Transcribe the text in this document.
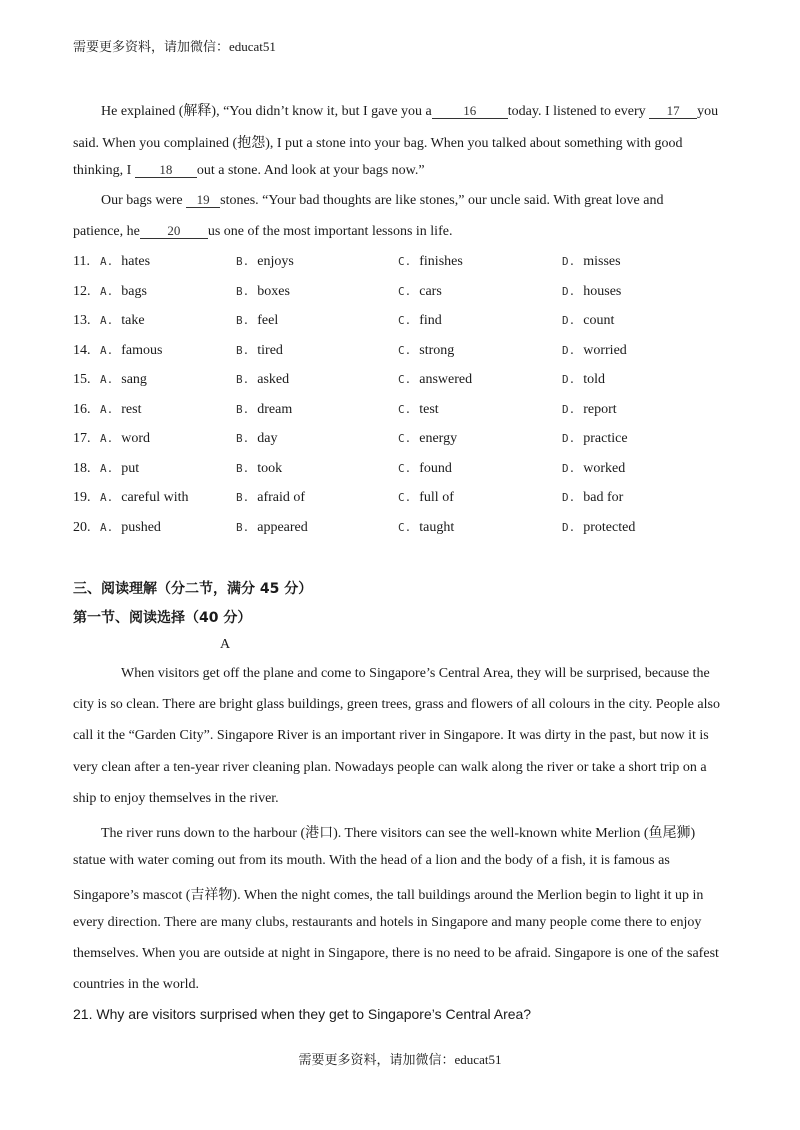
需要更多资料，请加微信：educat51
He explained (解释), “You didn’t know it, but I gave you a 16 today. I listened to every 17 you
said. When you complained (抱怨), I put a stone into your bag. When you talked about something with good
thinking, I 18 out a stone. And look at your bags now.”
Our bags were 19 stones. “Your bad thoughts are like stones,” our uncle said. With great love and
patience, he 20 us one of the most important lessons in life.
11. A. hates	B. enjoys	C. finishes	D. misses
12. A. bags	B. boxes	C. cars	D. houses
13. A. take	B. feel	C. find	D. count
14. A. famous	B. tired	C. strong	D. worried
15. A. sang	B. asked	C. answered	D. told
16. A. rest	B. dream	C. test	D. report
17. A. word	B. day	C. energy	D. practice
18. A. put	B. took	C. found	D. worked
19. A. careful with	B. afraid of	C. full of	D. bad for
20. A. pushed	B. appeared	C. taught	D. protected
三、阅读理解（分二节，满分 45 分）
第一节、阅读选择（40 分）
A
When visitors get off the plane and come to Singapore’s Central Area, they will be surprised, because the
city is so clean. There are bright glass buildings, green trees, grass and flowers of all colours in the city. People also
call it the “Garden City”. Singapore River is an important river in Singapore. It was dirty in the past, but now it is
very clean after a ten-year river cleaning plan. Nowadays people can walk along the river or take a short trip on a
ship to enjoy themselves in the river.
The river runs down to the harbour (港口). There visitors can see the well-known white Merlion (鱼尾狮)
statue with water coming out from its mouth. With the head of a lion and the body of a fish, it is famous as
Singapore’s mascot (吉祥物). When the night comes, the tall buildings around the Merlion begin to light it up in
every direction. There are many clubs, restaurants and hotels in Singapore and many people come there to enjoy
themselves. When you are outside at night in Singapore, there is no need to be afraid. Singapore is one of the safest
countries in the world.
21. Why are visitors surprised when they get to Singapore’s Central Area?
需要更多资料，请加微信：educat51
